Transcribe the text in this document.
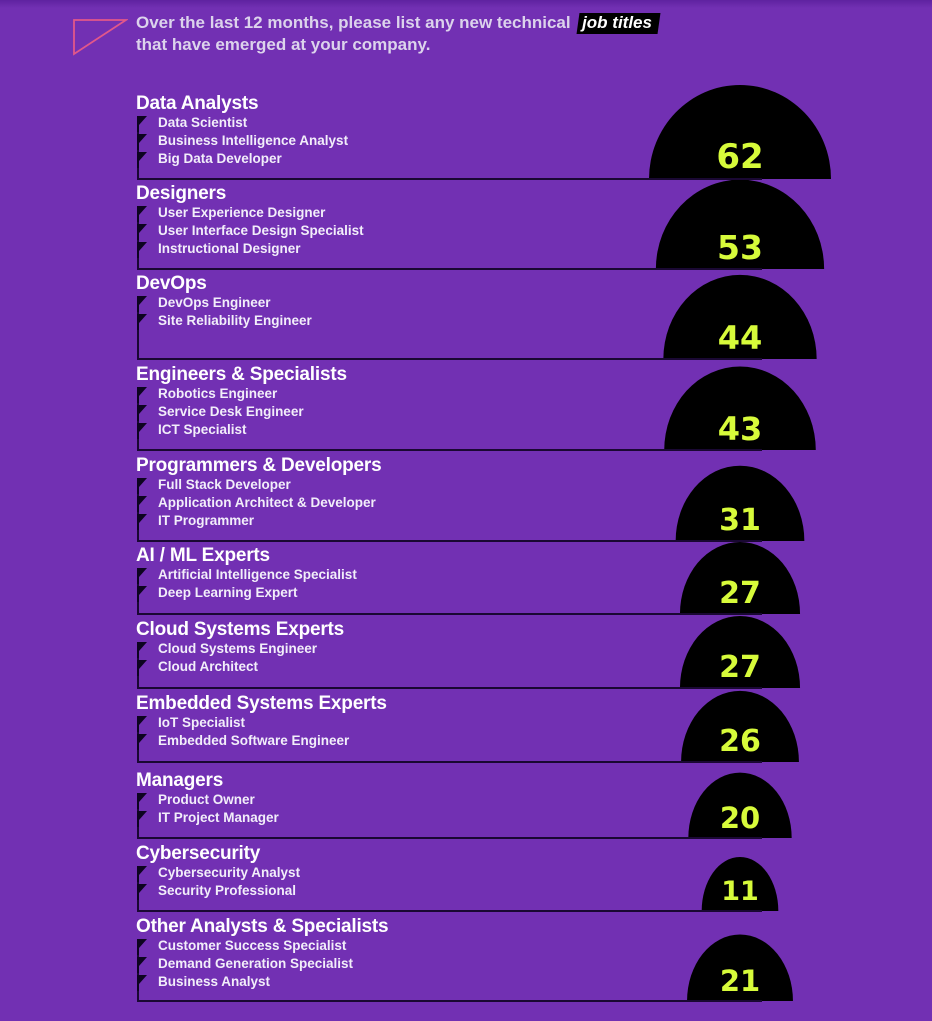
Over the last 12 months, please list any new technical job titles
that have emerged at your company.
62
Data Analysts
Data Scientist
Business Intelligence Analyst
Big Data Developer
53
Designers
User Experience Designer
User Interface Design Specialist
Instructional Designer
44
DevOps
DevOps Engineer
Site Reliability Engineer
43
Engineers & Specialists
Robotics Engineer
Service Desk Engineer
ICT Specialist
31
Programmers & Developers
Full Stack Developer
Application Architect & Developer
IT Programmer
27
AI / ML Experts
Artificial Intelligence Specialist
Deep Learning Expert
27
Cloud Systems Experts
Cloud Systems Engineer
Cloud Architect
26
Embedded Systems Experts
IoT Specialist
Embedded Software Engineer
20
Managers
Product Owner
IT Project Manager
11
Cybersecurity
Cybersecurity Analyst
Security Professional
21
Other Analysts & Specialists
Customer Success Specialist
Demand Generation Specialist
Business Analyst
